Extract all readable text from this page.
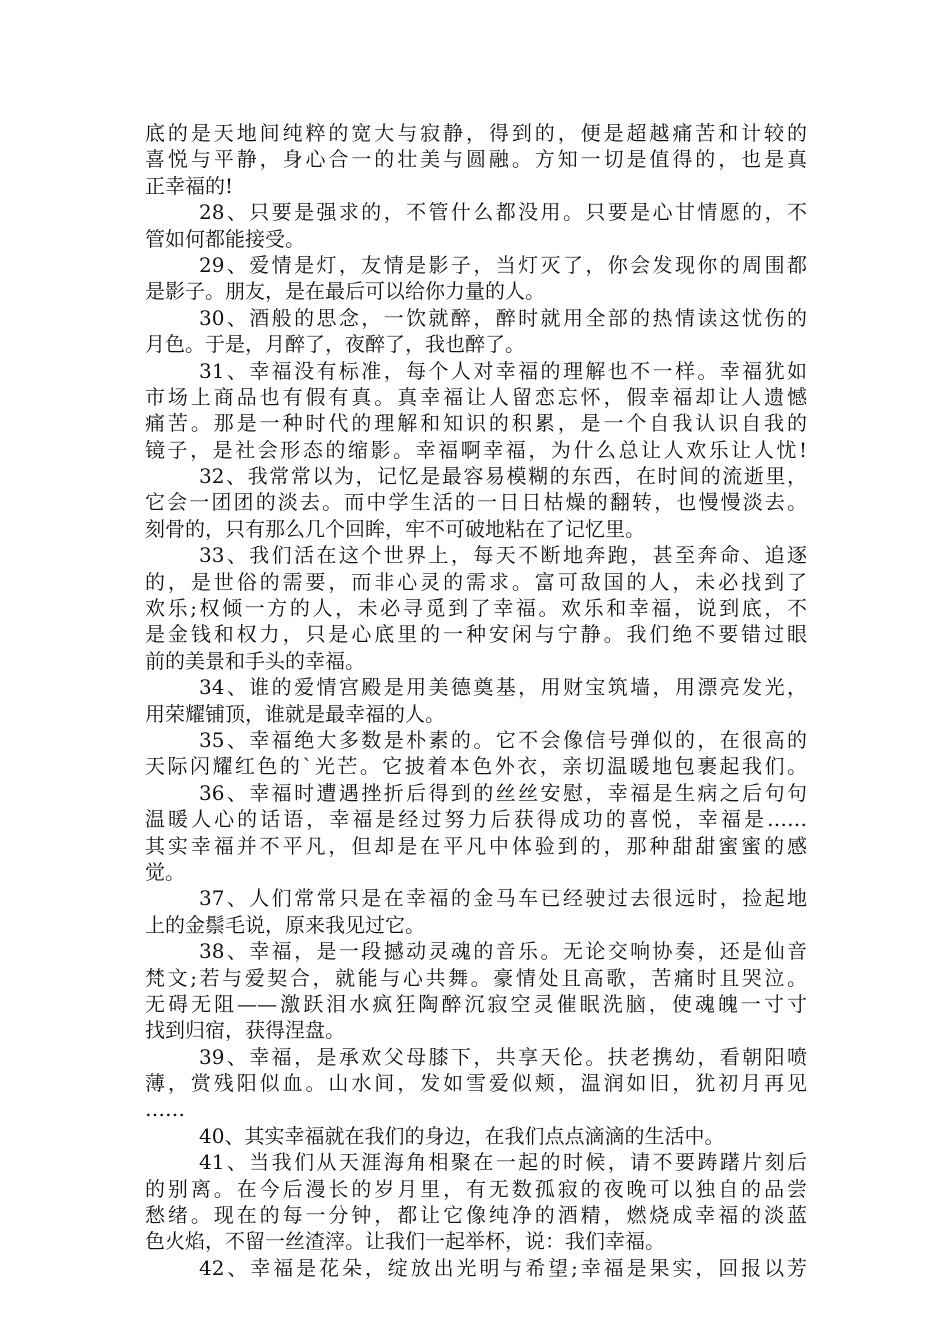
底的是天地间纯粹的宽大与寂静，得到的，便是超越痛苦和计较的
喜悦与平静，身心合一的壮美与圆融。方知一切是值得的，也是真
正幸福的!
28、只要是强求的，不管什么都没用。只要是心甘情愿的，不
管如何都能接受。
29、爱情是灯，友情是影子，当灯灭了，你会发现你的周围都
是影子。朋友，是在最后可以给你力量的人。
30、酒般的思念，一饮就醉，醉时就用全部的热情读这忧伤的
月色。于是，月醉了，夜醉了，我也醉了。
31、幸福没有标准，每个人对幸福的理解也不一样。幸福犹如
市场上商品也有假有真。真幸福让人留恋忘怀，假幸福却让人遗憾
痛苦。那是一种时代的理解和知识的积累，是一个自我认识自我的
镜子，是社会形态的缩影。幸福啊幸福，为什么总让人欢乐让人忧!
32、我常常以为，记忆是最容易模糊的东西，在时间的流逝里，
它会一团团的淡去。而中学生活的一日日枯燥的翻转，也慢慢淡去。
刻骨的，只有那么几个回眸，牢不可破地粘在了记忆里。
33、我们活在这个世界上，每天不断地奔跑，甚至奔命、追逐
的，是世俗的需要，而非心灵的需求。富可敌国的人，未必找到了
欢乐;权倾一方的人，未必寻觅到了幸福。欢乐和幸福，说到底，不
是金钱和权力，只是心底里的一种安闲与宁静。我们绝不要错过眼
前的美景和手头的幸福。
34、谁的爱情宫殿是用美德奠基，用财宝筑墙，用漂亮发光，
用荣耀铺顶，谁就是最幸福的人。
35、幸福绝大多数是朴素的。它不会像信号弹似的，在很高的
天际闪耀红色的`光芒。它披着本色外衣，亲切温暖地包裹起我们。
36、幸福时遭遇挫折后得到的丝丝安慰，幸福是生病之后句句
温暖人心的话语，幸福是经过努力后获得成功的喜悦，幸福是……
其实幸福并不平凡，但却是在平凡中体验到的，那种甜甜蜜蜜的感
觉。
37、人们常常只是在幸福的金马车已经驶过去很远时，捡起地
上的金鬃毛说，原来我见过它。
38、幸福，是一段撼动灵魂的音乐。无论交响协奏，还是仙音
梵文;若与爱契合，就能与心共舞。豪情处且高歌，苦痛时且哭泣。
无碍无阻——激跃泪水疯狂陶醉沉寂空灵催眠洗脑，使魂魄一寸寸
找到归宿，获得涅盘。
39、幸福，是承欢父母膝下，共享天伦。扶老携幼，看朝阳喷
薄，赏残阳似血。山水间，发如雪爱似颊，温润如旧，犹初月再见
……
40、其实幸福就在我们的身边，在我们点点滴滴的生活中。
41、当我们从天涯海角相聚在一起的时候，请不要踌躇片刻后
的别离。在今后漫长的岁月里，有无数孤寂的夜晚可以独自的品尝
愁绪。现在的每一分钟，都让它像纯净的酒精，燃烧成幸福的淡蓝
色火焰，不留一丝渣滓。让我们一起举杯，说：我们幸福。
42、幸福是花朵，绽放出光明与希望;幸福是果实，回报以芳
